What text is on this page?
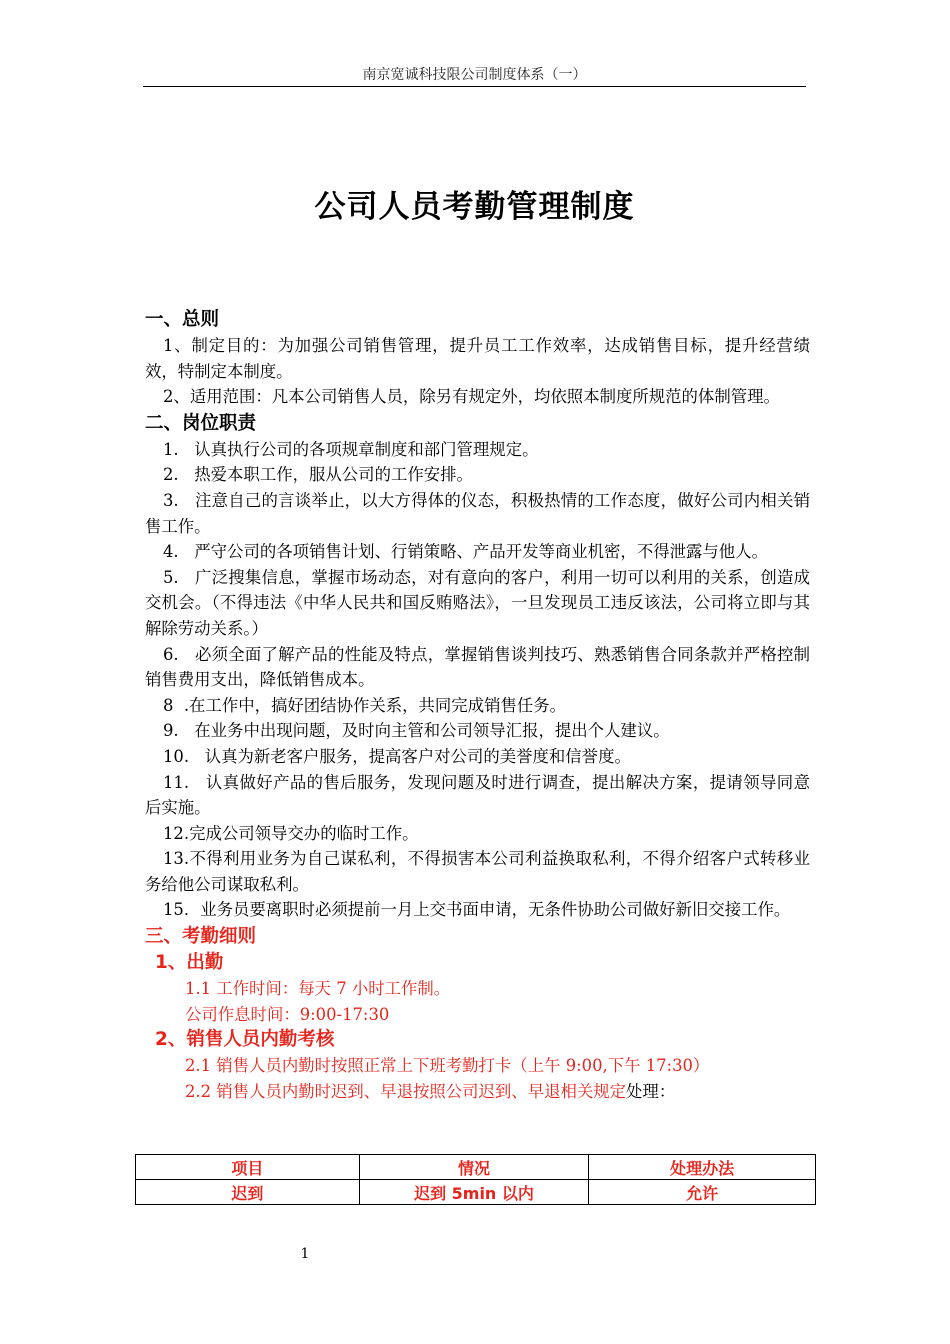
南京宽诚科技限公司制度体系（一）
公司人员考勤管理制度

一、总则

1、制定目的：为加强公司销售管理，提升员工工作效率，达成销售目标，提升经营绩效，特制定本制度。

2、适用范围：凡本公司销售人员，除另有规定外，均依照本制度所规范的体制管理。

二、岗位职责

1.   认真执行公司的各项规章制度和部门管理规定。

2.   热爱本职工作，服从公司的工作安排。

3.   注意自己的言谈举止，以大方得体的仪态，积极热情的工作态度，做好公司内相关销售工作。

4.   严守公司的各项销售计划、行销策略、产品开发等商业机密，不得泄露与他人。

5.   广泛搜集信息，掌握市场动态，对有意向的客户，利用一切可以利用的关系，创造成交机会。（不得违法《中华人民共和国反贿赂法》，一旦发现员工违反该法，公司将立即与其解除劳动关系。）

6.   必须全面了解产品的性能及特点，掌握销售谈判技巧、熟悉销售合同条款并严格控制销售费用支出，降低销售成本。

8  .在工作中，搞好团结协作关系，共同完成销售任务。

9.   在业务中出现问题，及时向主管和公司领导汇报，提出个人建议。

10.   认真为新老客户服务，提高客户对公司的美誉度和信誉度。

11.   认真做好产品的售后服务，发现问题及时进行调查，提出解决方案，提请领导同意后实施。

12.完成公司领导交办的临时工作。

13.不得利用业务为自己谋私利，不得损害本公司利益换取私利，不得介绍客户式转移业务给他公司谋取私利。

15．业务员要离职时必须提前一月上交书面申请，无条件协助公司做好新旧交接工作。

三、考勤细则

1、出勤

1.1 工作时间：每天 7 小时工作制。

公司作息时间：9:00-17:30

2、销售人员内勤考核

2.1 销售人员内勤时按照正常上下班考勤打卡（上午 9:00,下午 17:30）

2.2 销售人员内勤时迟到、早退按照公司迟到、早退相关规定处理：

项目	情况	处理办法
迟到	迟到 5min 以内	允许
1
